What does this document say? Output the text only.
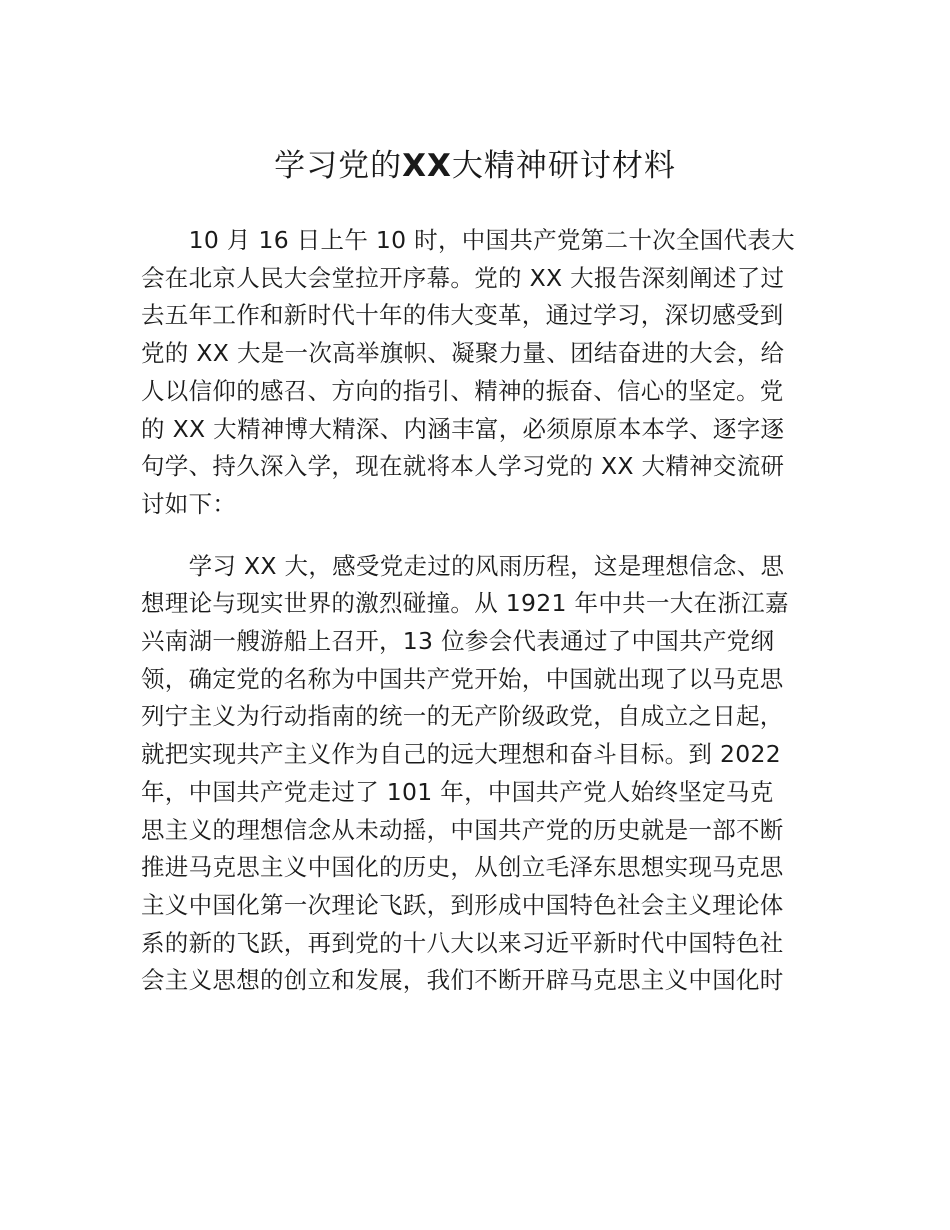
学习党的XX大精神研讨材料
　　10 月 16 日上午 10 时，中国共产党第二十次全国代表大
会在北京人民大会堂拉开序幕。党的 XX 大报告深刻阐述了过
去五年工作和新时代十年的伟大变革，通过学习，深切感受到
党的 XX 大是一次高举旗帜、凝聚力量、团结奋进的大会，给
人以信仰的感召、方向的指引、精神的振奋、信心的坚定。党
的 XX 大精神博大精深、内涵丰富，必须原原本本学、逐字逐
句学、持久深入学，现在就将本人学习党的 XX 大精神交流研
讨如下：
　　学习 XX 大，感受党走过的风雨历程，这是理想信念、思
想理论与现实世界的激烈碰撞。从 1921 年中共一大在浙江嘉
兴南湖一艘游船上召开，13 位参会代表通过了中国共产党纲
领，确定党的名称为中国共产党开始，中国就出现了以马克思
列宁主义为行动指南的统一的无产阶级政党，自成立之日起，
就把实现共产主义作为自己的远大理想和奋斗目标。到 2022
年，中国共产党走过了 101 年，中国共产党人始终坚定马克
思主义的理想信念从未动摇，中国共产党的历史就是一部不断
推进马克思主义中国化的历史，从创立毛泽东思想实现马克思
主义中国化第一次理论飞跃，到形成中国特色社会主义理论体
系的新的飞跃，再到党的十八大以来习近平新时代中国特色社
会主义思想的创立和发展，我们不断开辟马克思主义中国化时
